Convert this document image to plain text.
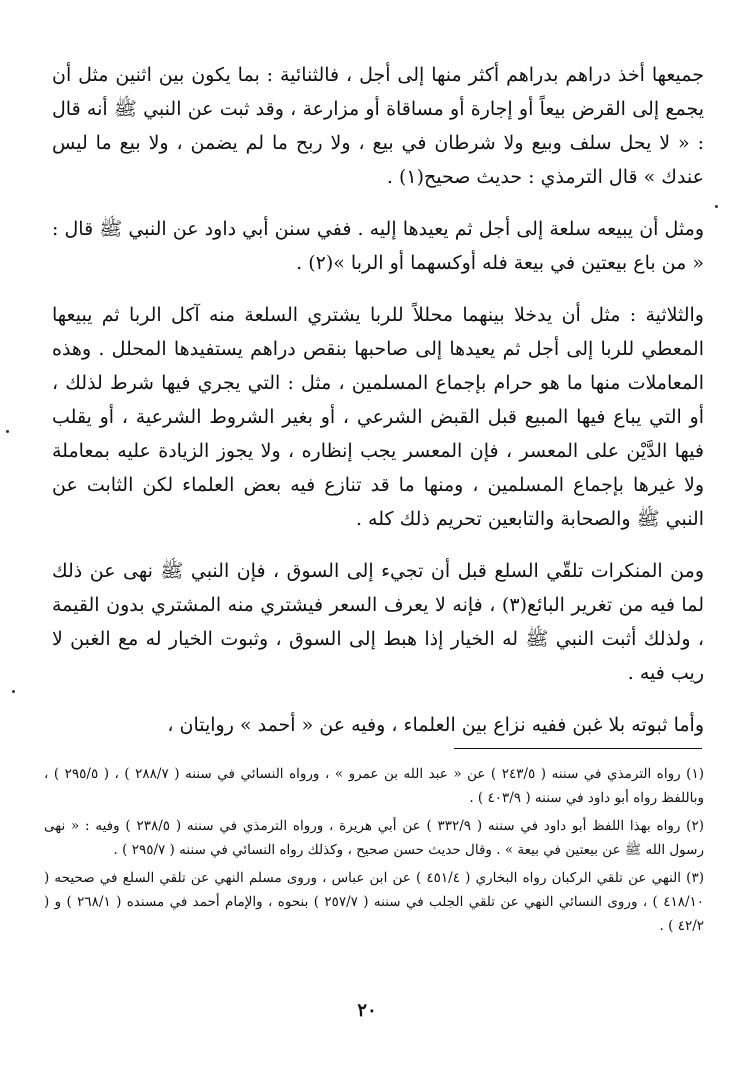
جميعها أخذ دراهم بدراهم أكثر منها إلى أجل ، فالثنائية : بما يكون بين اثنين مثل أن يجمع إلى القرض بيعاً أو إجارة أو مساقاة أو مزارعة ، وقد ثبت عن النبي ﷺ أنه قال : « لا يحل سلف وبيع ولا شرطان في بيع ، ولا ربح ما لم يضمن ، ولا بيع ما ليس عندك » قال الترمذي : حديث صحيح(١) .

ومثل أن يبيعه سلعة إلى أجل ثم يعيدها إليه . ففي سنن أبي داود عن النبي ﷺ قال : « من باع بيعتين في بيعة فله أوكسهما أو الربا »(٢) .

والثلاثية : مثل أن يدخلا بينهما محللاً للربا يشتري السلعة منه آكل الربا ثم يبيعها المعطي للربا إلى أجل ثم يعيدها إلى صاحبها بنقص دراهم يستفيدها المحلل . وهذه المعاملات منها ما هو حرام بإجماع المسلمين ، مثل : التي يجري فيها شرط لذلك ، أو التي يباع فيها المبيع قبل القبض الشرعي ، أو بغير الشروط الشرعية ، أو يقلب فيها الدَّيْن على المعسر ، فإن المعسر يجب إنظاره ، ولا يجوز الزيادة عليه بمعاملة ولا غيرها بإجماع المسلمين ، ومنها ما قد تنازع فيه بعض العلماء لكن الثابت عن النبي ﷺ والصحابة والتابعين تحريم ذلك كله .

ومن المنكرات تلقّي السلع قبل أن تجيء إلى السوق ، فإن النبي ﷺ نهى عن ذلك لما فيه من تغرير البائع(٣) ، فإنه لا يعرف السعر فيشتري منه المشتري بدون القيمة ، ولذلك أثبت النبي ﷺ له الخيار إذا هبط إلى السوق ، وثبوت الخيار له مع الغبن لا ريب فيه .

وأما ثبوته بلا غبن ففيه نزاع بين العلماء ، وفيه عن « أحمد » روايتان ،

(١) رواه الترمذي في سننه ( ٢٤٣/٥ ) عن « عبد الله بن عمرو » ، ورواه النسائي في سننه ( ٢٨٨/٧ ) ، ( ٢٩٥/٥ ) ، وباللفظ رواه أبو داود في سننه ( ٤٠٣/٩ ) .

(٢) رواه بهذا اللفظ أبو داود في سننه ( ٣٣٢/٩ ) عن أبي هريرة ، ورواه الترمذي في سننه ( ٢٣٨/٥ ) وفيه : « نهى رسول الله ﷺ عن بيعتين في بيعة » . وقال حديث حسن صحيح ، وكذلك رواه النسائي في سننه ( ٢٩٥/٧ ) .

(٣) النهي عن تلقي الركبان رواه البخاري ( ٤٥١/٤ ) عن ابن عباس ، وروى مسلم النهي عن تلقي السلع في صحيحه ( ٤١٨/١٠ ) ، وروى النسائي النهي عن تلقي الجلب في سننه ( ٢٥٧/٧ ) بنحوه ، والإمام أحمد في مسنده ( ٢٦٨/١ ) و ( ٤٢/٢ ) .

٢٠
